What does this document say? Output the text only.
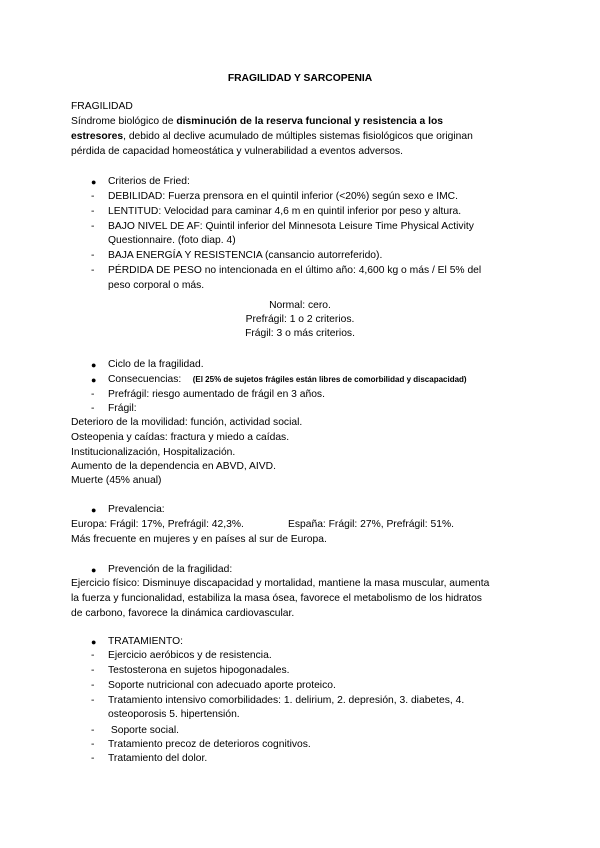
FRAGILIDAD Y SARCOPENIA
FRAGILIDAD
Síndrome biológico de disminución de la reserva funcional y resistencia a los
estresores, debido al declive acumulado de múltiples sistemas fisiológicos que originan
pérdida de capacidad homeostática y vulnerabilidad a eventos adversos.
● Criterios de Fried:
- DEBILIDAD: Fuerza prensora en el quintil inferior (<20%) según sexo e IMC.
- LENTITUD: Velocidad para caminar 4,6 m en quintil inferior por peso y altura.
- BAJO NIVEL DE AF: Quintil inferior del Minnesota Leisure Time Physical Activity
Questionnaire. (foto diap. 4)
- BAJA ENERGÍA Y RESISTENCIA (cansancio autorreferido).
- PÉRDIDA DE PESO no intencionada en el último año: 4,600 kg o más / El 5% del
peso corporal o más.
Normal: cero.
Prefrágil: 1 o 2 criterios.
Frágil: 3 o más criterios.
● Ciclo de la fragilidad.
● Consecuencias: (El 25% de sujetos frágiles están libres de comorbilidad y discapacidad)
- Prefrágil: riesgo aumentado de frágil en 3 años.
- Frágil:
Deterioro de la movilidad: función, actividad social.
Osteopenia y caídas: fractura y miedo a caídas.
Institucionalización, Hospitalización.
Aumento de la dependencia en ABVD, AIVD.
Muerte (45% anual)
● Prevalencia:
Europa: Frágil: 17%, Prefrágil: 42,3%.	España: Frágil: 27%, Prefrágil: 51%.
Más frecuente en mujeres y en países al sur de Europa.
● Prevención de la fragilidad:
Ejercicio físico: Disminuye discapacidad y mortalidad, mantiene la masa muscular, aumenta
la fuerza y funcionalidad, estabiliza la masa ósea, favorece el metabolismo de los hidratos
de carbono, favorece la dinámica cardiovascular.
● TRATAMIENTO:
- Ejercicio aeróbicos y de resistencia.
- Testosterona en sujetos hipogonadales.
- Soporte nutricional con adecuado aporte proteico.
- Tratamiento intensivo comorbilidades: 1. delirium, 2. depresión, 3. diabetes, 4.
osteoporosis 5. hipertensión.
- Soporte social.
- Tratamiento precoz de deterioros cognitivos.
- Tratamiento del dolor.
